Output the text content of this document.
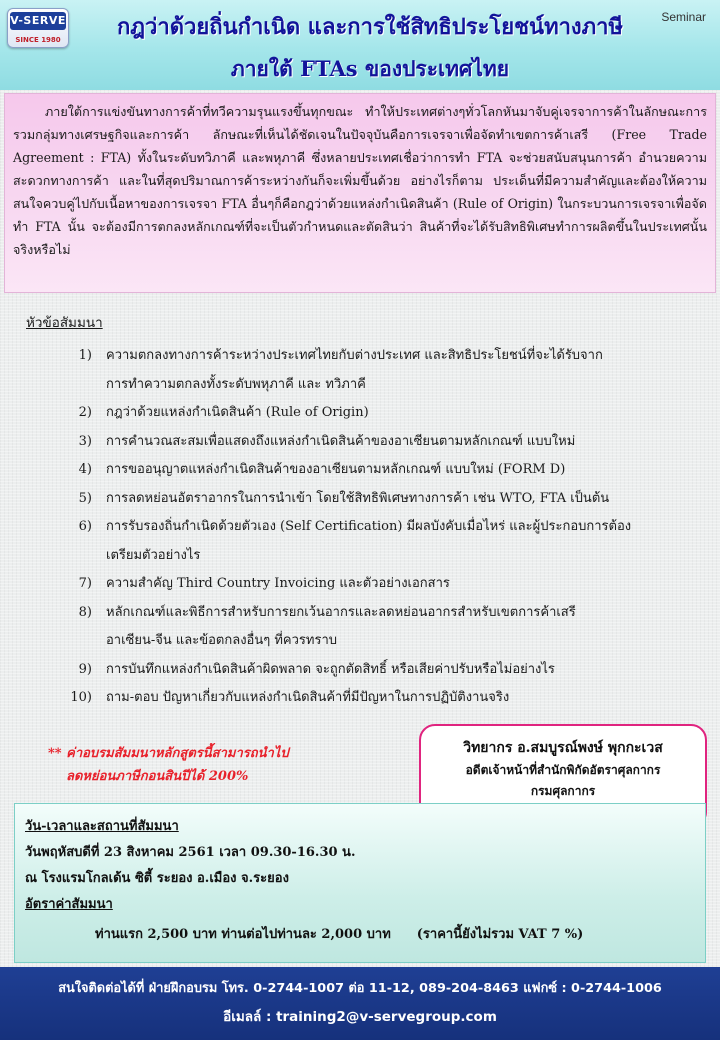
V-SERVE
SINCE 1980
Seminar
กฎว่าด้วยถิ่นกำเนิด และการใช้สิทธิประโยชน์ทางภาษี
ภายใต้ FTAs ของประเทศไทย

ภายใต้การแข่งขันทางการค้าที่ทวีความรุนแรงขึ้นทุกขณะ ทำให้ประเทศต่างๆทั่วโลกหันมาจับคู่เจรจาการค้าในลักษณะการรวมกลุ่มทางเศรษฐกิจและการค้า ลักษณะที่เห็นได้ชัดเจนในปัจจุบันคือการเจรจาเพื่อจัดทำเขตการค้าเสรี (Free Trade Agreement : FTA) ทั้งในระดับทวิภาคี และพหุภาคี ซึ่งหลายประเทศเชื่อว่าการทำ FTA จะช่วยสนับสนุนการค้า อำนวยความสะดวกทางการค้า และในที่สุดปริมาณการค้าระหว่างกันก็จะเพิ่มขึ้นด้วย อย่างไรก็ตาม ประเด็นที่มีความสำคัญและต้องให้ความสนใจควบคู่ไปกับเนื้อหาของการเจรจา FTA อื่นๆก็คือกฎว่าด้วยแหล่งกำเนิดสินค้า (Rule of Origin) ในกระบวนการเจรจาเพื่อจัดทำ FTA นั้น จะต้องมีการตกลงหลักเกณฑ์ที่จะเป็นตัวกำหนดและตัดสินว่า สินค้าที่จะได้รับสิทธิพิเศษทำการผลิตขึ้นในประเทศนั้นจริงหรือไม่

หัวข้อสัมมนา
1)	ความตกลงทางการค้าระหว่างประเทศไทยกับต่างประเทศ และสิทธิประโยชน์ที่จะได้รับจาก
การทำความตกลงทั้งระดับพหุภาคี และ ทวิภาคี
2)	กฎว่าด้วยแหล่งกำเนิดสินค้า (Rule of Origin)
3)	การคำนวณสะสมเพื่อแสดงถึงแหล่งกำเนิดสินค้าของอาเซียนตามหลักเกณฑ์ แบบใหม่
4)	การขออนุญาตแหล่งกำเนิดสินค้าของอาเซียนตามหลักเกณฑ์ แบบใหม่ (FORM D)
5)	การลดหย่อนอัตราอากรในการนำเข้า โดยใช้สิทธิพิเศษทางการค้า เช่น WTO, FTA เป็นต้น
6)	การรับรองถิ่นกำเนิดด้วยตัวเอง (Self Certification) มีผลบังคับเมื่อไหร่ และผู้ประกอบการต้อง
เตรียมตัวอย่างไร
7)	ความสำคัญ Third Country Invoicing และตัวอย่างเอกสาร
8)	หลักเกณฑ์และพิธีการสำหรับการยกเว้นอากรและลดหย่อนอากรสำหรับเขตการค้าเสรี
อาเซียน-จีน และข้อตกลงอื่นๆ ที่ควรทราบ
9)	การบันทึกแหล่งกำเนิดสินค้าผิดพลาด จะถูกตัดสิทธิ์ หรือเสียค่าปรับหรือไม่อย่างไร
10)	ถาม-ตอบ ปัญหาเกี่ยวกับแหล่งกำเนิดสินค้าที่มีปัญหาในการปฏิบัติงานจริง
** ค่าอบรมสัมมนาหลักสูตรนี้สามารถนำไป
ลดหย่อนภาษีกอนสินปีได้ 200%
วิทยากร อ.สมบูรณ์พงษ์ พุกกะเวส
อดีตเจ้าหน้าที่สำนักพิกัดอัตราศุลกากร
กรมศุลกากร
วัน-เวลาและสถานที่สัมมนา
วันพฤหัสบดีที่ 23 สิงหาคม 2561 เวลา 09.30-16.30 น.
ณ โรงแรมโกลเด้น ซิตี้ ระยอง อ.เมือง จ.ระยอง
อัตราค่าสัมมนา
ท่านแรก 2,500 บาท ท่านต่อไปท่านละ 2,000 บาท (ราคานี้ยังไม่รวม VAT 7 %)
สนใจติดต่อได้ที่ ฝ่ายฝึกอบรม โทร. 0-2744-1007 ต่อ 11-12, 089-204-8463 แฟกซ์ : 0-2744-1006
อีเมลล์ : training2@v-servegroup.com
